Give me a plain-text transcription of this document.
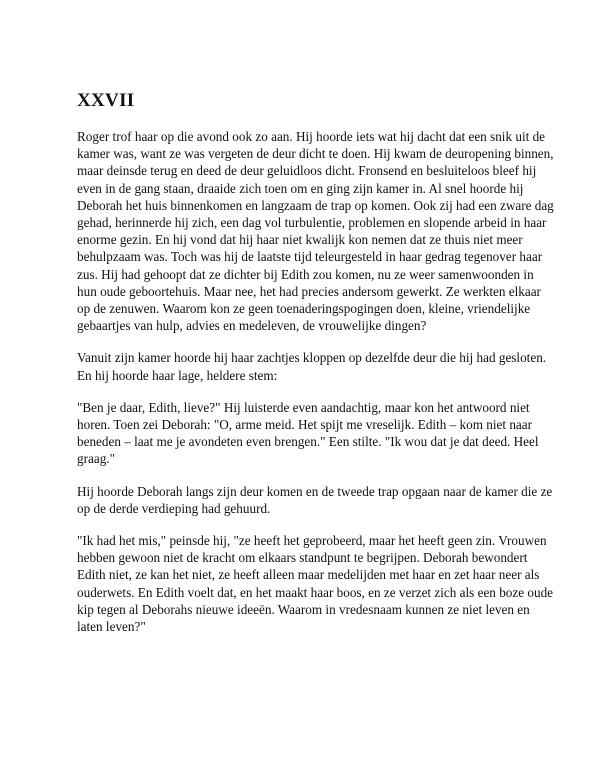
XXVII

Roger trof haar op die avond ook zo aan. Hij hoorde iets wat hij dacht dat een snik uit de kamer was, want ze was vergeten de deur dicht te doen. Hij kwam de deuropening binnen, maar deinsde terug en deed de deur geluidloos dicht. Fronsend en besluiteloos bleef hij even in de gang staan, draaide zich toen om en ging zijn kamer in. Al snel hoorde hij Deborah het huis binnenkomen en langzaam de trap op komen. Ook zij had een zware dag gehad, herinnerde hij zich, een dag vol turbulentie, problemen en slopende arbeid in haar enorme gezin. En hij vond dat hij haar niet kwalijk kon nemen dat ze thuis niet meer behulpzaam was. Toch was hij de laatste tijd teleurgesteld in haar gedrag tegenover haar zus. Hij had gehoopt dat ze dichter bij Edith zou komen, nu ze weer samenwoonden in hun oude geboortehuis. Maar nee, het had precies andersom gewerkt. Ze werkten elkaar op de zenuwen. Waarom kon ze geen toenaderingspogingen doen, kleine, vriendelijke gebaartjes van hulp, advies en medeleven, de vrouwelijke dingen?

Vanuit zijn kamer hoorde hij haar zachtjes kloppen op dezelfde deur die hij had gesloten. En hij hoorde haar lage, heldere stem:

"Ben je daar, Edith, lieve?" Hij luisterde even aandachtig, maar kon het antwoord niet horen. Toen zei Deborah: "O, arme meid. Het spijt me vreselijk. Edith – kom niet naar beneden – laat me je avondeten even brengen." Een stilte. "Ik wou dat je dat deed. Heel graag."

Hij hoorde Deborah langs zijn deur komen en de tweede trap opgaan naar de kamer die ze op de derde verdieping had gehuurd.

"Ik had het mis," peinsde hij, "ze heeft het geprobeerd, maar het heeft geen zin. Vrouwen hebben gewoon niet de kracht om elkaars standpunt te begrijpen. Deborah bewondert Edith niet, ze kan het niet, ze heeft alleen maar medelijden met haar en zet haar neer als ouderwets. En Edith voelt dat, en het maakt haar boos, en ze verzet zich als een boze oude kip tegen al Deborahs nieuwe ideeën. Waarom in vredesnaam kunnen ze niet leven en laten leven?"
